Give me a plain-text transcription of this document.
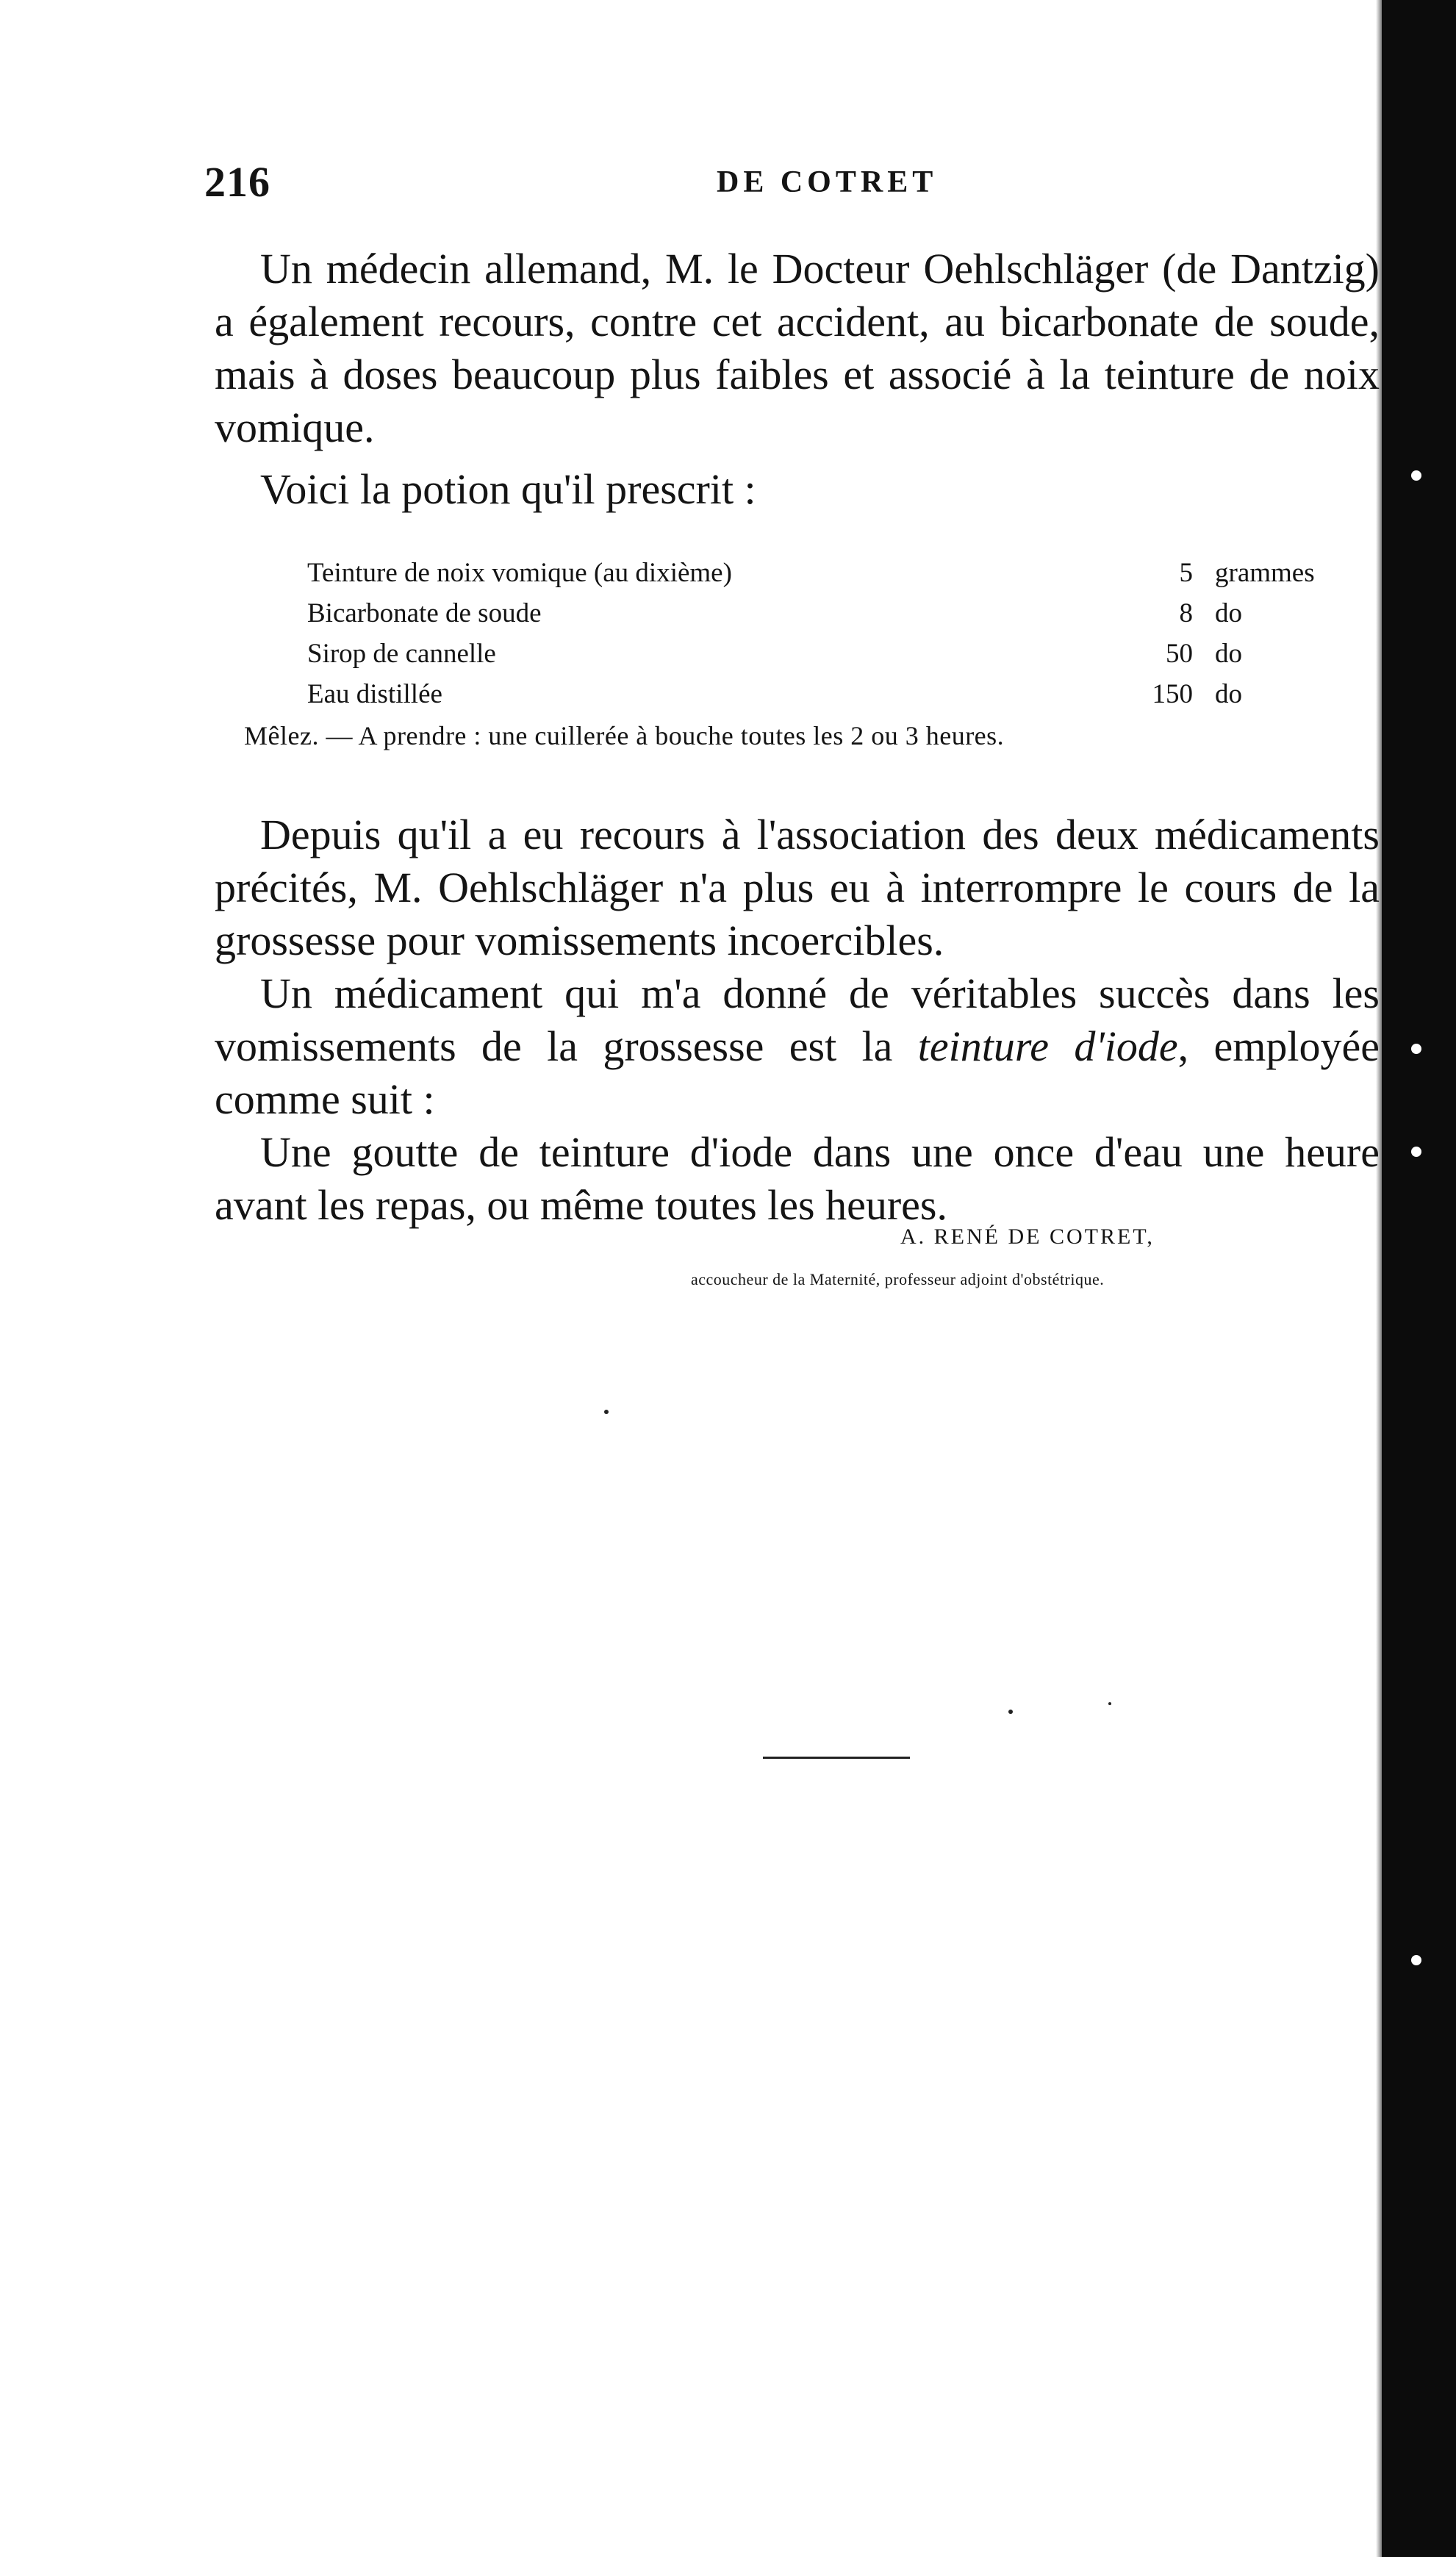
216	DE COTRET

Un médecin allemand, M. le Docteur Oehlschläger (de Dantzig) a également recours, contre cet accident, au bicarbonate de soude, mais à doses beaucoup plus faibles et associé à la teinture de noix vomique.

Voici la potion qu'il prescrit :

Teinture de noix vomique (au dixième)	5 grammes
Bicarbonate de soude	8 do
Sirop de cannelle	50 do
Eau distillée	150 do
Mêlez. — A prendre : une cuillerée à bouche toutes les 2 ou 3 heures.

Depuis qu'il a eu recours à l'association des deux médicaments précités, M. Oehlschläger n'a plus eu à interrompre le cours de la grossesse pour vomissements incoercibles.

Un médicament qui m'a donné de véritables succès dans les vomissements de la grossesse est la teinture d'iode, employée comme suit :

Une goutte de teinture d'iode dans une once d'eau une heure avant les repas, ou même toutes les heures.

A. RENÉ DE COTRET,
accoucheur de la Maternité, professeur adjoint d'obstétrique.
